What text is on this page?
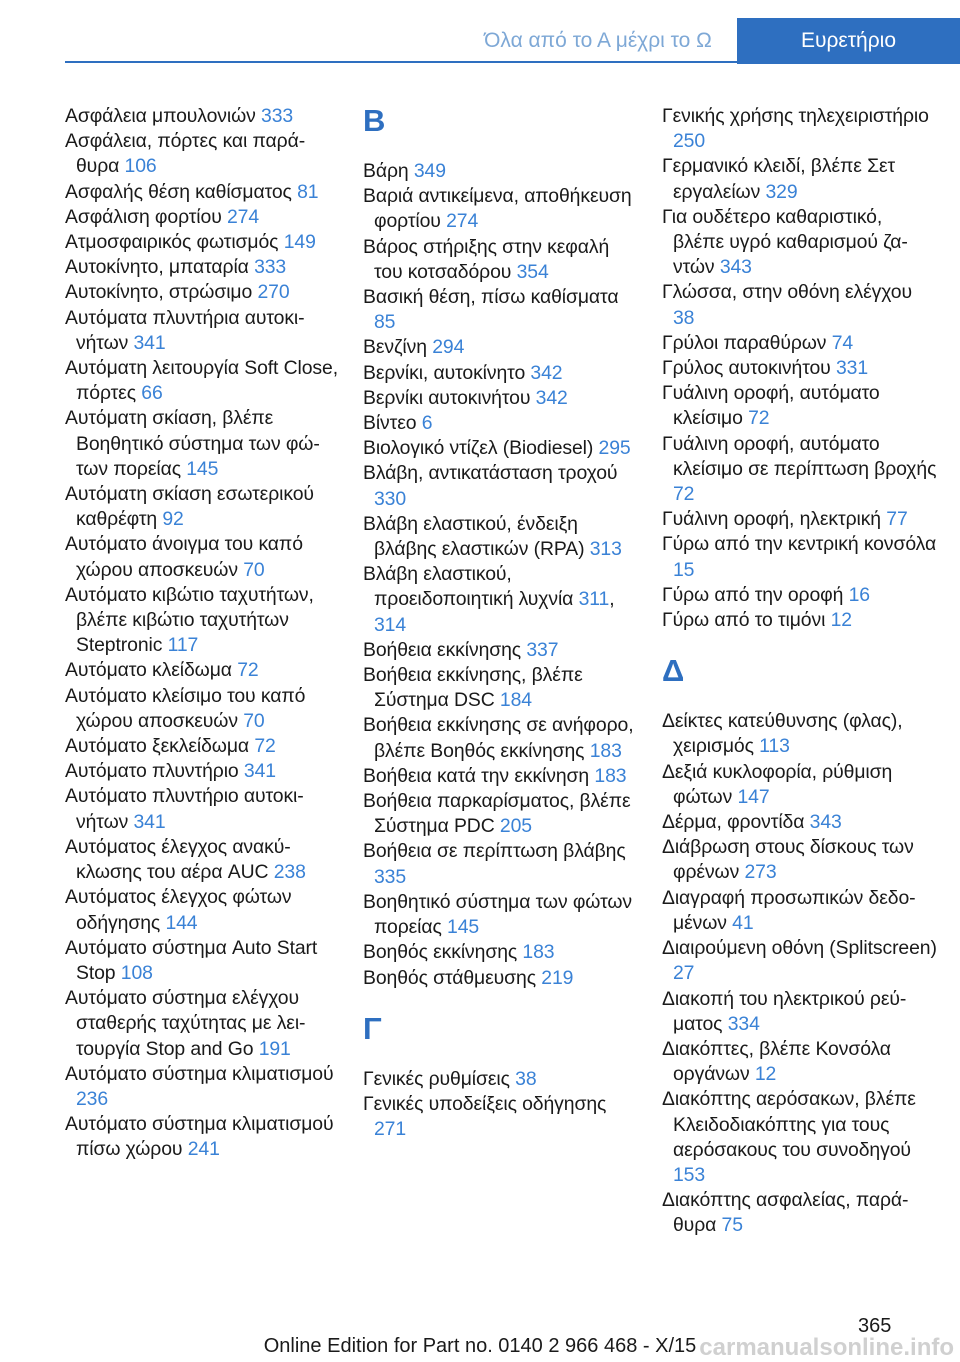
Όλα από το Α μέχρι το Ω	Ευρετήριο
Ασφάλεια μπουλονιών 333
Ασφάλεια, πόρτες και παράθυρα 106
Ασφαλής θέση καθίσματος 81
Ασφάλιση φορτίου 274
Ατμοσφαιρικός φωτισμός 149
Αυτοκίνητο, μπαταρία 333
Αυτοκίνητο, στρώσιμο 270
Αυτόματα πλυντήρια αυτοκινήτων 341
Αυτόματη λειτουργία Soft Close, πόρτες 66
Αυτόματη σκίαση, βλέπε Βοηθητικό σύστημα των φώτων πορείας 145
Αυτόματη σκίαση εσωτερικού καθρέφτη 92
Αυτόματο άνοιγμα του καπό χώρου αποσκευών 70
Αυτόματο κιβώτιο ταχυτήτων, βλέπε κιβώτιο ταχυτήτων Steptronic 117
Αυτόματο κλείδωμα 72
Αυτόματο κλείσιμο του καπό χώρου αποσκευών 70
Αυτόματο ξεκλείδωμα 72
Αυτόματο πλυντήριο 341
Αυτόματο πλυντήριο αυτοκινήτων 341
Αυτόματος έλεγχος ανακύκλωσης του αέρα AUC 238
Αυτόματος έλεγχος φώτων οδήγησης 144
Αυτόματο σύστημα Auto Start Stop 108
Αυτόματο σύστημα ελέγχου σταθερής ταχύτητας με λειτουργία Stop and Go 191
Αυτόματο σύστημα κλιματισμού 236
Αυτόματο σύστημα κλιματισμού πίσω χώρου 241
Β
Βάρη 349
Βαριά αντικείμενα, αποθήκευση φορτίου 274
Βάρος στήριξης στην κεφαλή του κοτσαδόρου 354
Βασική θέση, πίσω καθίσματα 85
Βενζίνη 294
Βερνίκι, αυτοκίνητο 342
Βερνίκι αυτοκινήτου 342
Βίντεο 6
Βιολογικό ντίζελ (Biodiesel) 295
Βλάβη, αντικατάσταση τροχού 330
Βλάβη ελαστικού, ένδειξη βλάβης ελαστικών (RPA) 313
Βλάβη ελαστικού, προειδοποιητική λυχνία 311, 314
Βοήθεια εκκίνησης 337
Βοήθεια εκκίνησης, βλέπε Σύστημα DSC 184
Βοήθεια εκκίνησης σε ανήφορο, βλέπε Βοηθός εκκίνησης 183
Βοήθεια κατά την εκκίνηση 183
Βοήθεια παρκαρίσματος, βλέπε Σύστημα PDC 205
Βοήθεια σε περίπτωση βλάβης 335
Βοηθητικό σύστημα των φώτων πορείας 145
Βοηθός εκκίνησης 183
Βοηθός στάθμευσης 219
Γ
Γενικές ρυθμίσεις 38
Γενικές υποδείξεις οδήγησης 271
Γενικής χρήσης τηλεχειριστήριο 250
Γερμανικό κλειδί, βλέπε Σετ εργαλείων 329
Για ουδέτερο καθαριστικό, βλέπε υγρό καθαρισμού ζαντών 343
Γλώσσα, στην οθόνη ελέγχου 38
Γρύλοι παραθύρων 74
Γρύλος αυτοκινήτου 331
Γυάλινη οροφή, αυτόματο κλείσιμο 72
Γυάλινη οροφή, αυτόματο κλείσιμο σε περίπτωση βροχής 72
Γυάλινη οροφή, ηλεκτρική 77
Γύρω από την κεντρική κονσόλα 15
Γύρω από την οροφή 16
Γύρω από το τιμόνι 12
Δ
Δείκτες κατεύθυνσης (φλας), χειρισμός 113
Δεξιά κυκλοφορία, ρύθμιση φώτων 147
Δέρμα, φροντίδα 343
Διάβρωση στους δίσκους των φρένων 273
Διαγραφή προσωπικών δεδομένων 41
Διαιρούμενη οθόνη (Splitscreen) 27
Διακοπή του ηλεκτρικού ρεύματος 334
Διακόπτες, βλέπε Κονσόλα οργάνων 12
Διακόπτης αερόσακων, βλέπε Κλειδοδιακόπτης για τους αερόσακους του συνοδηγού 153
Διακόπτης ασφαλείας, παράθυρα 75
365
Online Edition for Part no. 0140 2 966 468 - X/15 carmanualsonline.info
